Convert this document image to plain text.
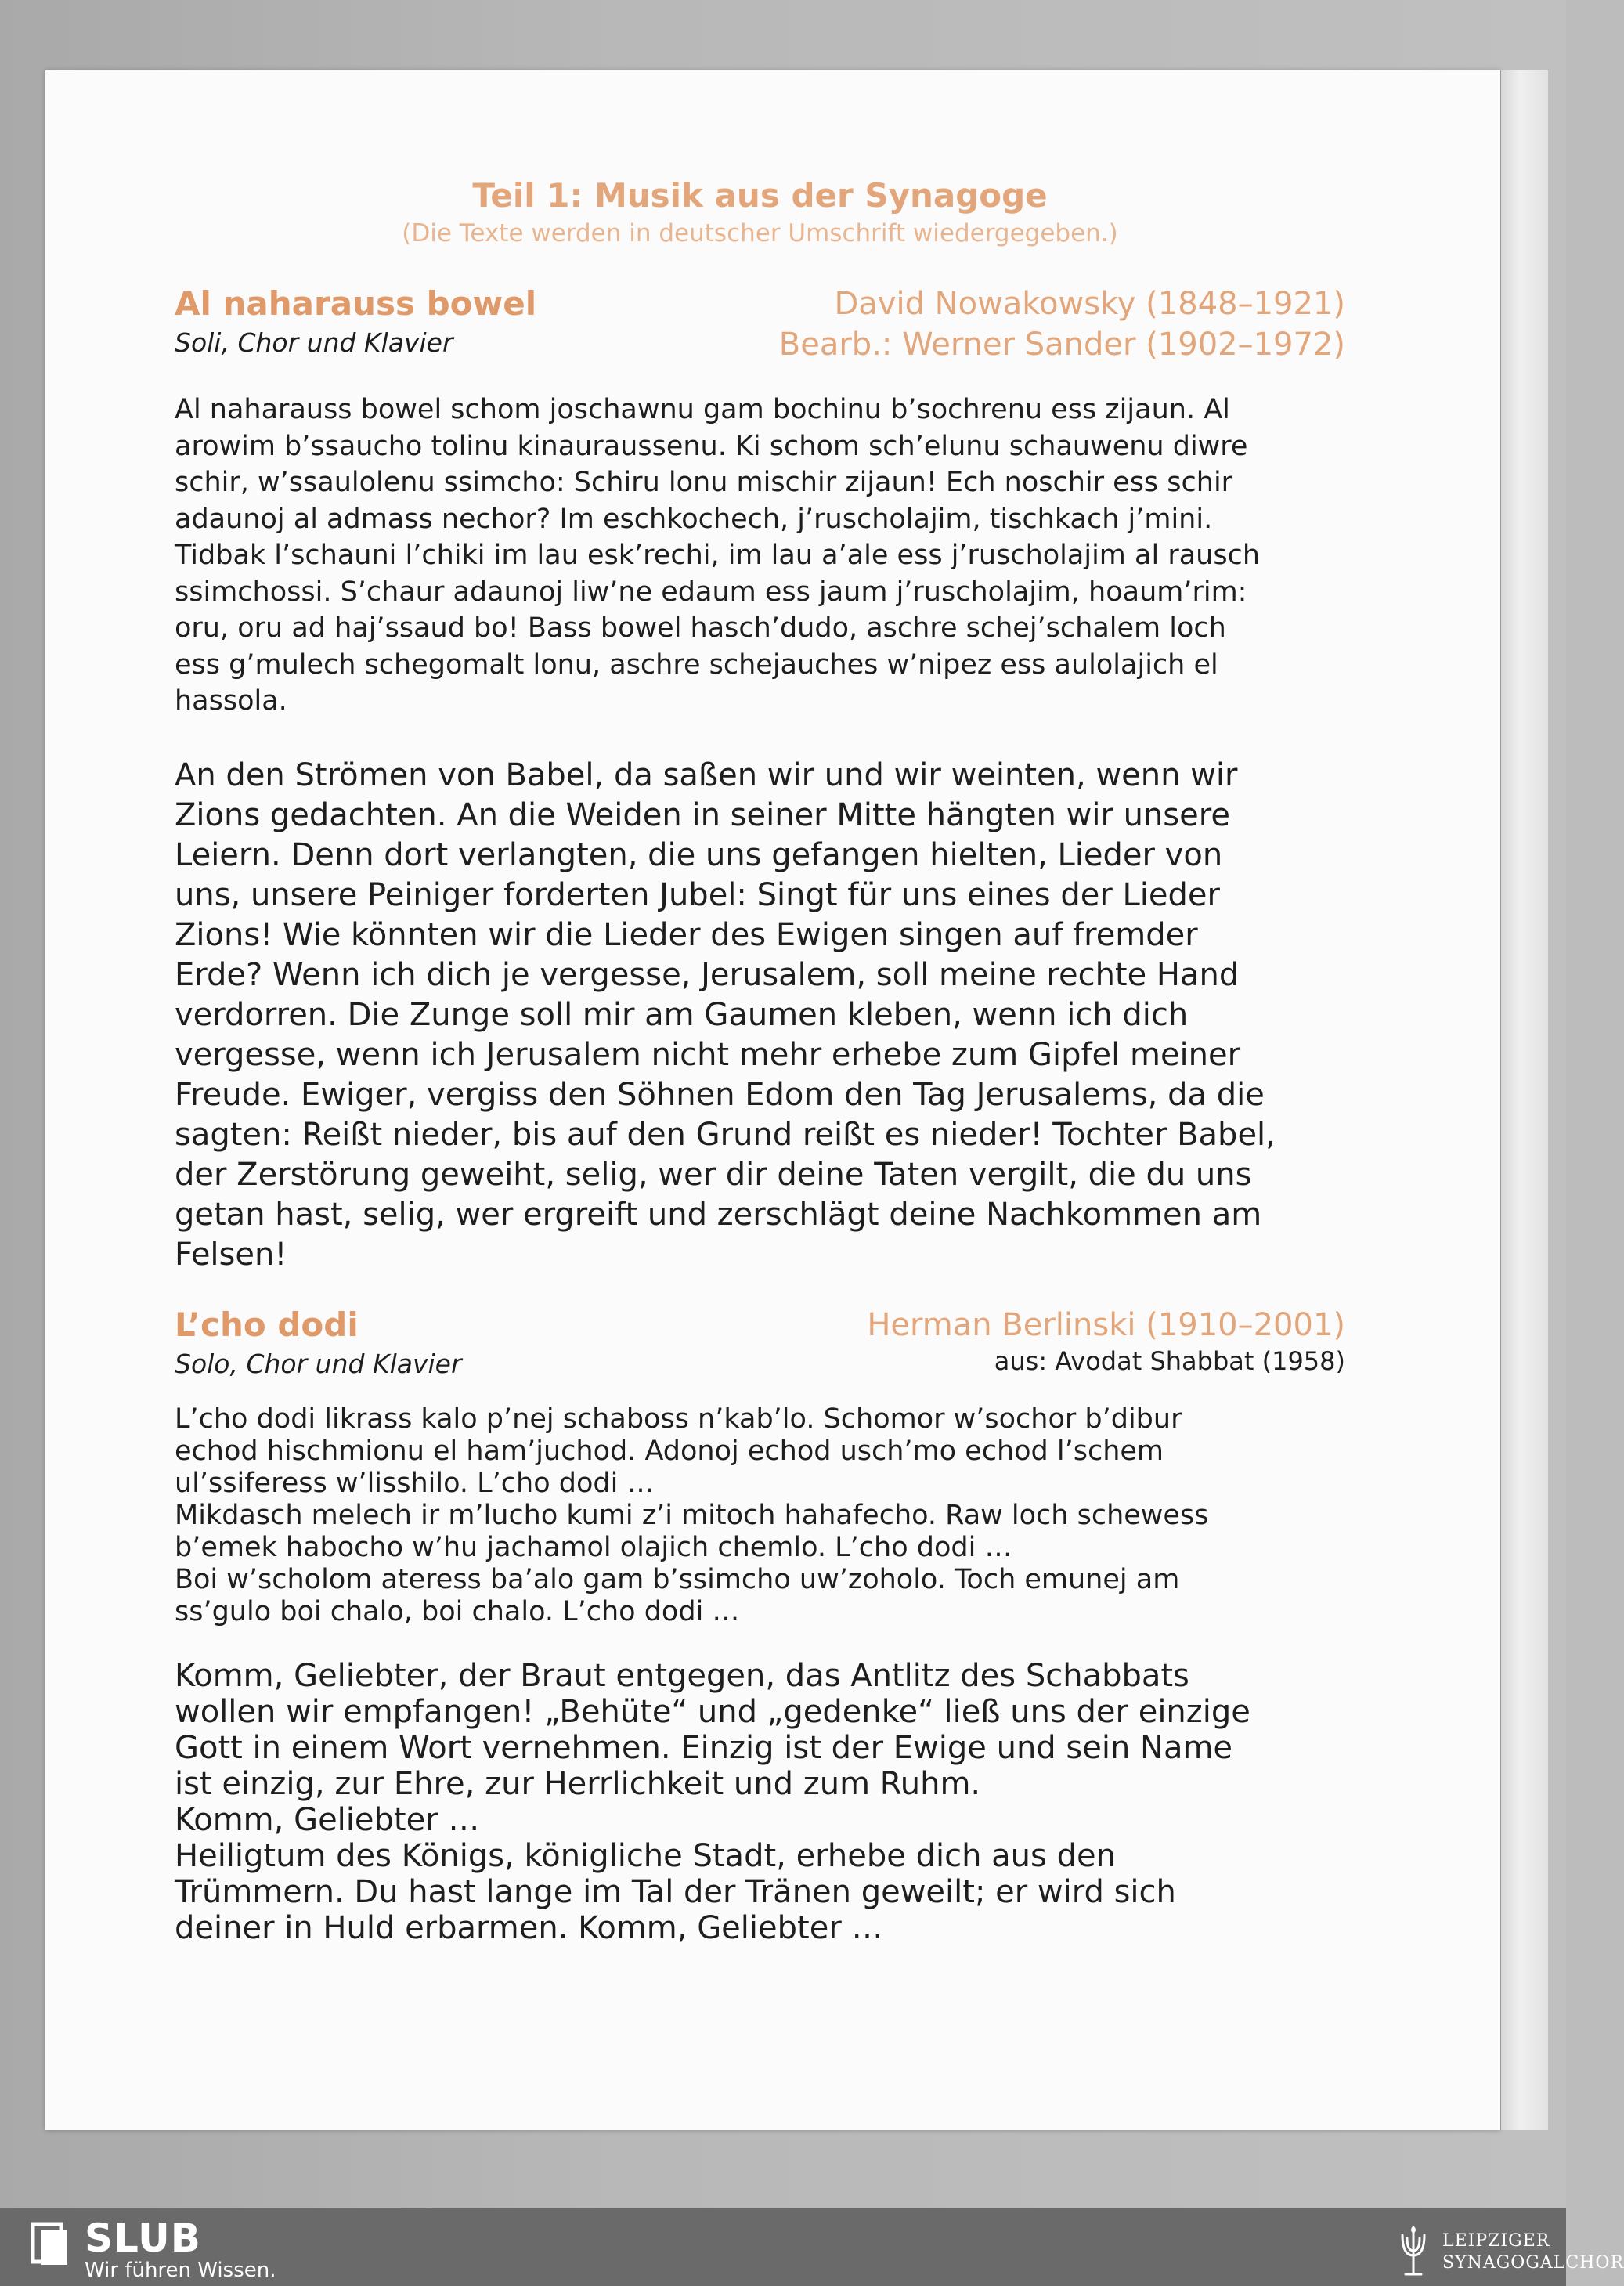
Teil 1: Musik aus der Synagoge

(Die Texte werden in deutscher Umschrift wiedergegeben.)

Al naharauss bowel	David Nowakowsky (1848–1921)
Soli, Chor und Klavier	Bearb.: Werner Sander (1902–1972)

Al naharauss bowel schom joschawnu gam bochinu b’sochrenu ess zijaun. Al
arowim b’ssaucho tolinu kinauraussenu. Ki schom sch’elunu schauwenu diwre
schir, w’ssaulolenu ssimcho: Schiru lonu mischir zijaun! Ech noschir ess schir
adaunoj al admass nechor? Im eschkochech, j’ruscholajim, tischkach j’mini.
Tidbak l’schauni l’chiki im lau esk’rechi, im lau a’ale ess j’ruscholajim al rausch
ssimchossi. S’chaur adaunoj liw’ne edaum ess jaum j’ruscholajim, hoaum’rim:
oru, oru ad haj’ssaud bo! Bass bowel hasch’dudo, aschre schej’schalem loch
ess g’mulech schegomalt lonu, aschre schejauches w’nipez ess aulolajich el
hassola.

An den Strömen von Babel, da saßen wir und wir weinten, wenn wir
Zions gedachten. An die Weiden in seiner Mitte hängten wir unsere
Leiern. Denn dort verlangten, die uns gefangen hielten, Lieder von
uns, unsere Peiniger forderten Jubel: Singt für uns eines der Lieder
Zions! Wie könnten wir die Lieder des Ewigen singen auf fremder
Erde? Wenn ich dich je vergesse, Jerusalem, soll meine rechte Hand
verdorren. Die Zunge soll mir am Gaumen kleben, wenn ich dich
vergesse, wenn ich Jerusalem nicht mehr erhebe zum Gipfel meiner
Freude. Ewiger, vergiss den Söhnen Edom den Tag Jerusalems, da die
sagten: Reißt nieder, bis auf den Grund reißt es nieder! Tochter Babel,
der Zerstörung geweiht, selig, wer dir deine Taten vergilt, die du uns
getan hast, selig, wer ergreift und zerschlägt deine Nachkommen am
Felsen!

L’cho dodi	Herman Berlinski (1910–2001)
Solo, Chor und Klavier	aus: Avodat Shabbat (1958)

L’cho dodi likrass kalo p’nej schaboss n’kab’lo. Schomor w’sochor b’dibur
echod hischmionu el ham’juchod. Adonoj echod usch’mo echod l’schem
ul’ssiferess w’lisshilo. L’cho dodi …
Mikdasch melech ir m’lucho kumi z’i mitoch hahafecho. Raw loch schewess
b’emek habocho w’hu jachamol olajich chemlo. L’cho dodi …
Boi w’scholom ateress ba’alo gam b’ssimcho uw’zoholo. Toch emunej am
ss’gulo boi chalo, boi chalo. L’cho dodi …

Komm, Geliebter, der Braut entgegen, das Antlitz des Schabbats
wollen wir empfangen! „Behüte“ und „gedenke“ ließ uns der einzige
Gott in einem Wort vernehmen. Einzig ist der Ewige und sein Name
ist einzig, zur Ehre, zur Herrlichkeit und zum Ruhm.
Komm, Geliebter …
Heiligtum des Königs, königliche Stadt, erhebe dich aus den
Trümmern. Du hast lange im Tal der Tränen geweilt; er wird sich
deiner in Huld erbarmen. Komm, Geliebter …

SLUB
Wir führen Wissen.
LEIPZIGER
SYNAGOGALCHOR
